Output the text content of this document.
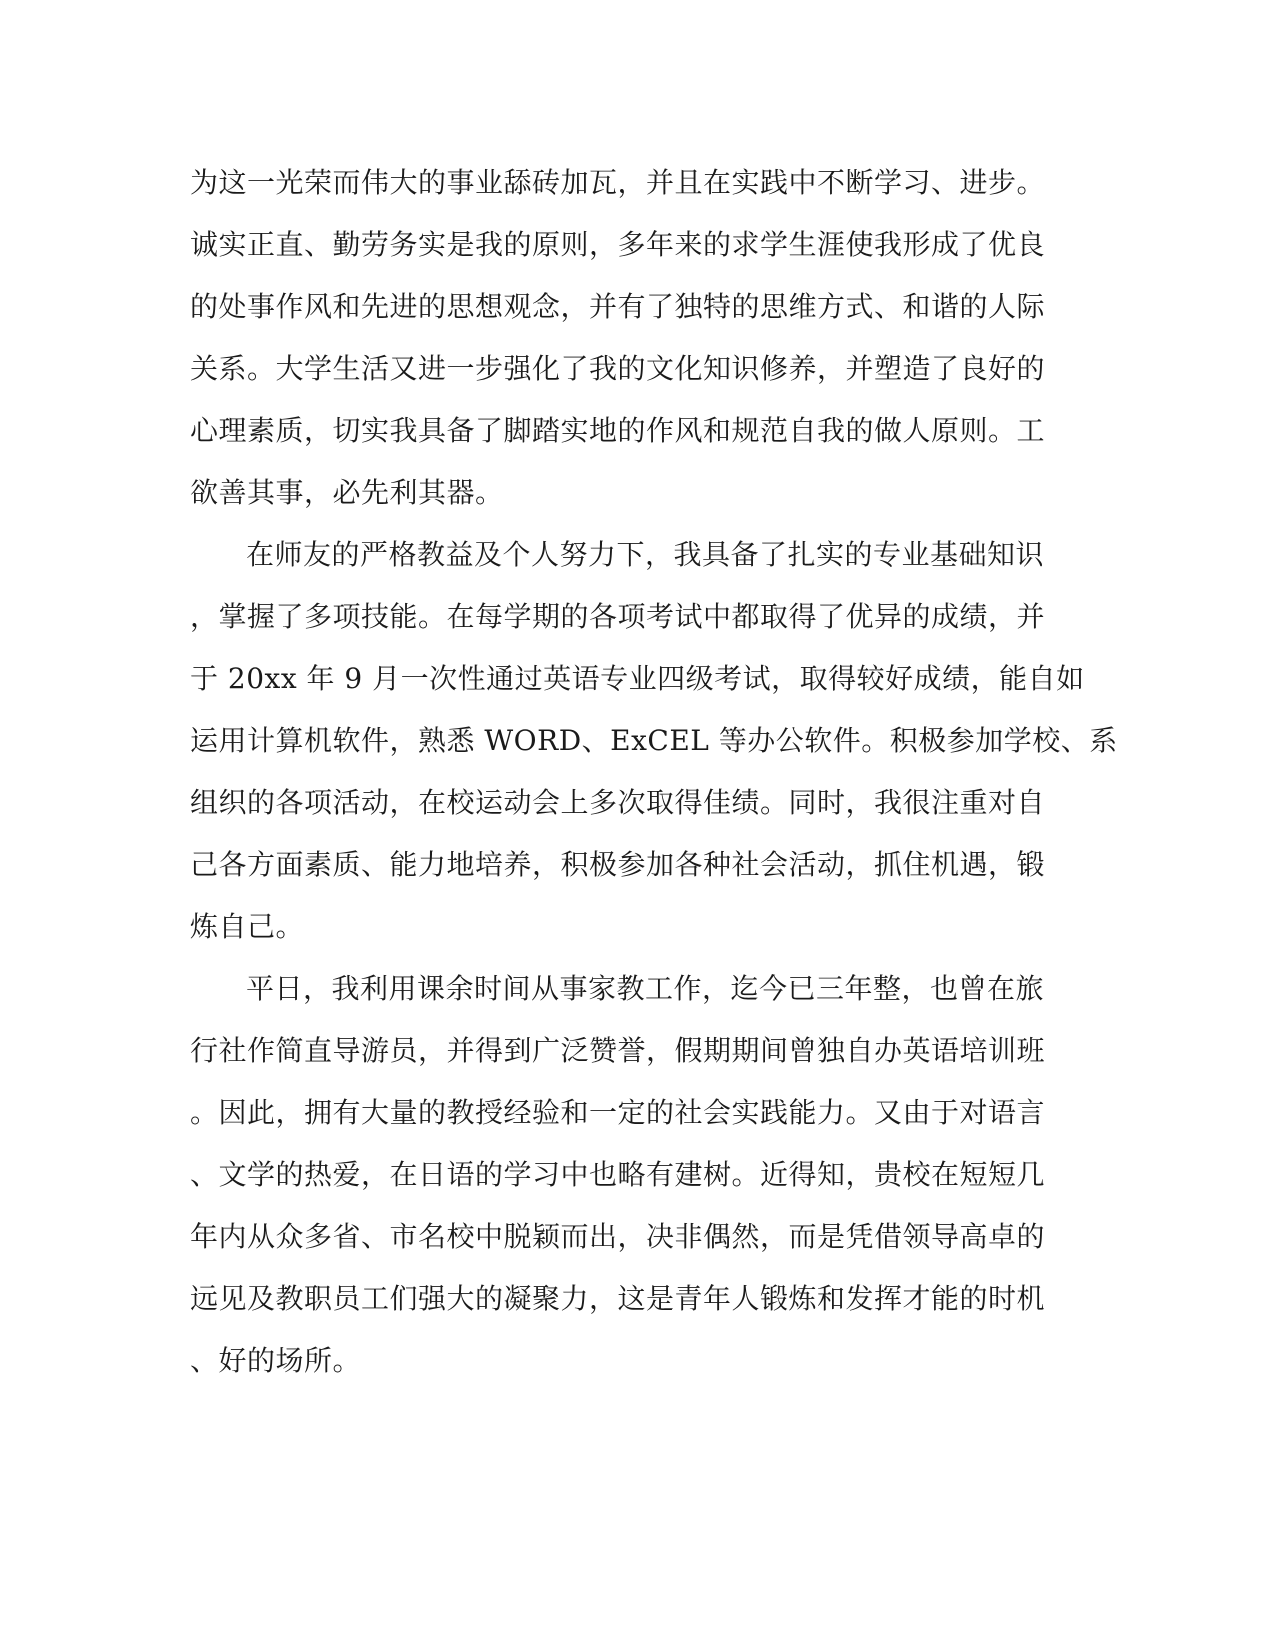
为这一光荣而伟大的事业舔砖加瓦，并且在实践中不断学习、进步。
诚实正直、勤劳务实是我的原则，多年来的求学生涯使我形成了优良
的处事作风和先进的思想观念，并有了独特的思维方式、和谐的人际
关系。大学生活又进一步强化了我的文化知识修养，并塑造了良好的
心理素质，切实我具备了脚踏实地的作风和规范自我的做人原则。工
欲善其事，必先利其器。
在师友的严格教益及个人努力下，我具备了扎实的专业基础知识
，掌握了多项技能。在每学期的各项考试中都取得了优异的成绩，并
于 20xx 年 9 月一次性通过英语专业四级考试，取得较好成绩，能自如
运用计算机软件，熟悉 WORD、ExCEL 等办公软件。积极参加学校、系
组织的各项活动，在校运动会上多次取得佳绩。同时，我很注重对自
己各方面素质、能力地培养，积极参加各种社会活动，抓住机遇，锻
炼自己。
平日，我利用课余时间从事家教工作，迄今已三年整，也曾在旅
行社作简直导游员，并得到广泛赞誉，假期期间曾独自办英语培训班
。因此，拥有大量的教授经验和一定的社会实践能力。又由于对语言
、文学的热爱，在日语的学习中也略有建树。近得知，贵校在短短几
年内从众多省、市名校中脱颖而出，决非偶然，而是凭借领导高卓的
远见及教职员工们强大的凝聚力，这是青年人锻炼和发挥才能的时机
、好的场所。
